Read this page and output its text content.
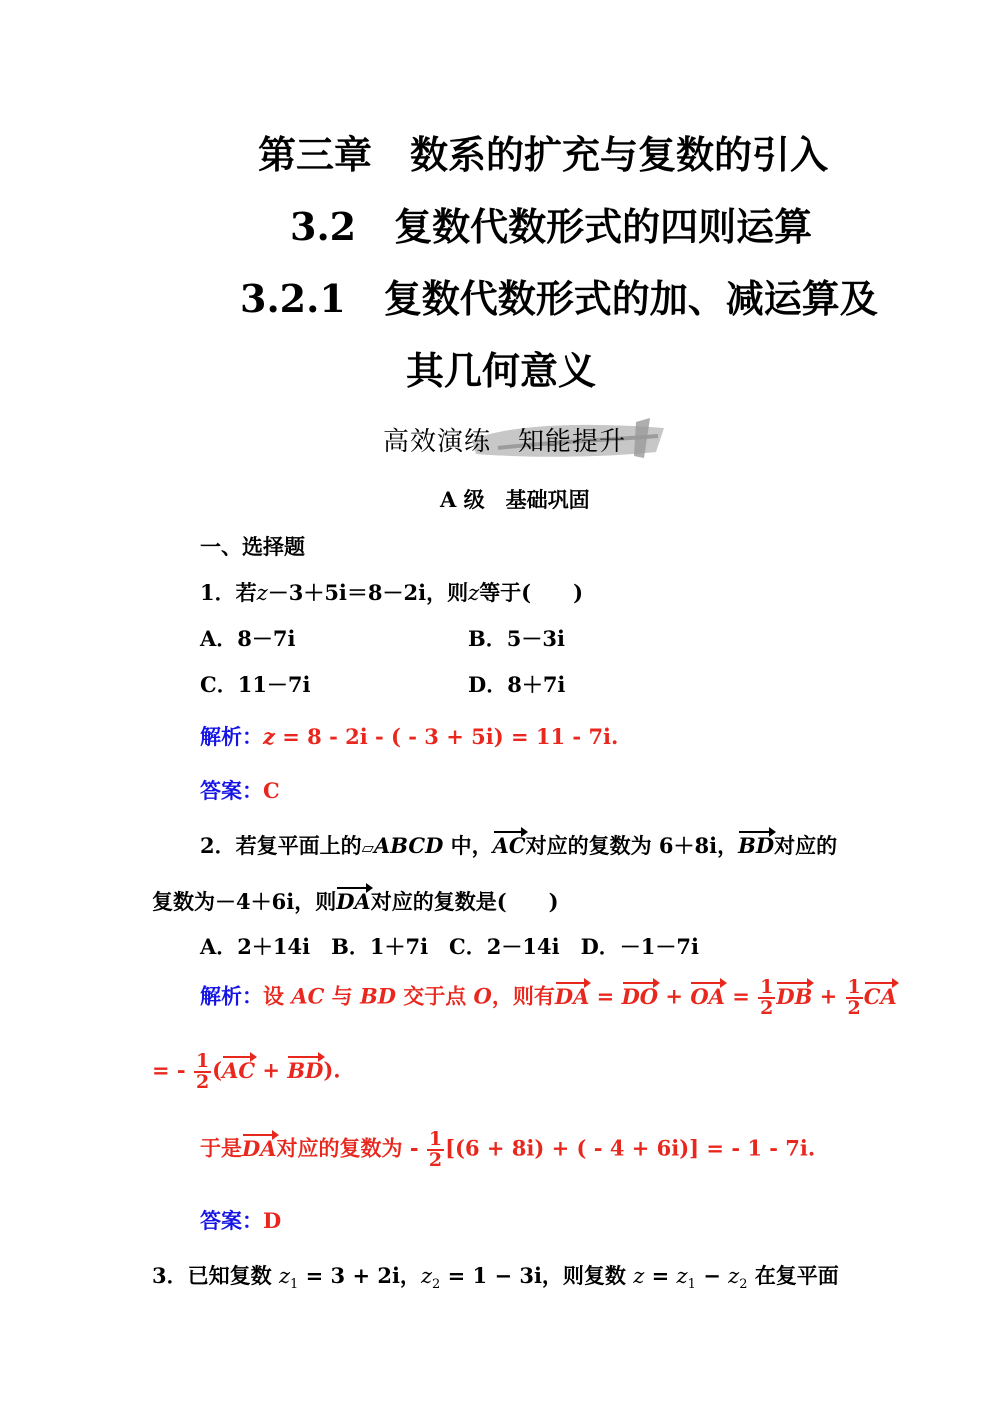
第三章　数系的扩充与复数的引入
3.2　复数代数形式的四则运算
3.2.1　复数代数形式的加、减运算及
其几何意义
高效演练　知能提升
A 级　基础巩固
一、选择题
1．若z－3＋5i＝8－2i，则z等于(　　)
A．8－7i	B．5－3i
C．11－7i	D．8＋7i
解析：z = 8 - 2i - ( - 3 + 5i) = 11 - 7i.
答案：C
2．若复平面上的▱ABCD 中，AC对应的复数为 6＋8i，BD对应的
复数为－4＋6i，则DA对应的复数是(　　)
A．2＋14i　B．1＋7i　C．2－14i　D．－1－7i
解析：设 AC 与 BD 交于点 O，则有DA = DO + OA = $\frac{1}{2}$ DB + $\frac{1}{2}$ CA
= - $\frac{1}{2} (AC + BD)$.
于是DA对应的复数为 - $\frac{1}{2} [(6 + 8i)$ + ( - 4 + 6i)] = - 1 - 7i.
答案：D
3．已知复数 $z_1 = 3 + 2i$，$z_2 = 1 - 3i$，则复数 $z = z_1 - z_2$ 在复平面
